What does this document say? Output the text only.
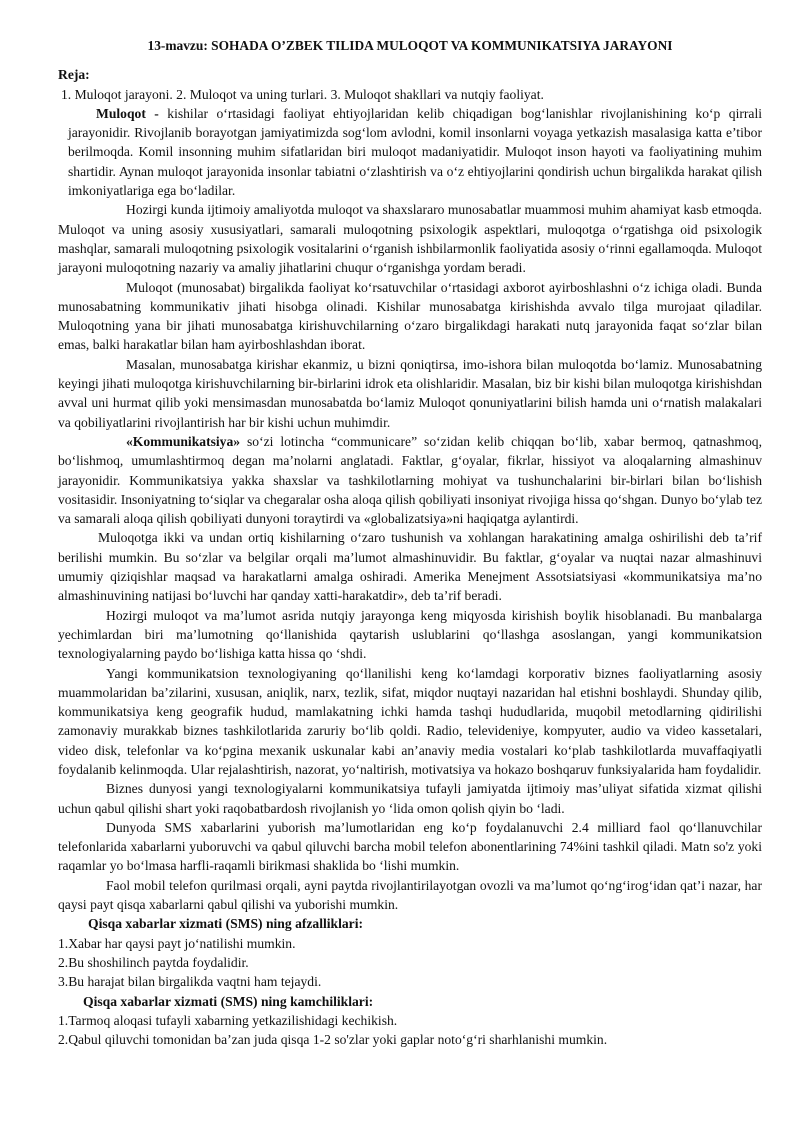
13-mavzu: SOHADA O’ZBEK TILIDA MULOQOT VA KOMMUNIKATSIYA JARAYONI
Reja:
1. Muloqot jarayoni. 2. Muloqot va uning turlari. 3. Muloqot shakllari va nutqiy faoliyat.
Muloqot - kishilar o‘rtasidagi faoliyat ehtiyojlaridan kelib chiqadigan bog‘lanishlar rivojlanishining ko‘p qirrali jarayonidir. Rivojlanib borayotgan jamiyatimizda sog‘lom avlodni, komil insonlarni voyaga yetkazish masalasiga katta e’tibor berilmoqda. Komil insonning muhim sifatlaridan biri muloqot madaniyatidir. Muloqot inson hayoti va faoliyatining muhim shartidir. Aynan muloqot jarayonida insonlar tabiatni o‘zlashtirish va o‘z ehtiyojlarini qondirish uchun birgalikda harakat qilish imkoniyatlariga ega bo‘ladilar.

Hozirgi kunda ijtimoiy amaliyotda muloqot va shaxslararo munosabatlar muammosi muhim ahamiyat kasb etmoqda. Muloqot va uning asosiy xususiyatlari, samarali muloqotning psixologik aspektlari, muloqotga o‘rgatishga oid psixologik mashqlar, samarali muloqotning psixologik vositalarini o‘rganish ishbilarmonlik faoliyatida asosiy o‘rinni egallamoqda. Muloqot jarayoni muloqotning nazariy va amaliy jihatlarini chuqur o‘rganishga yordam beradi.

Muloqot (munosabat) birgalikda faoliyat ko‘rsatuvchilar o‘rtasidagi axborot ayirboshlashni o‘z ichiga oladi. Bunda munosabatning kommunikativ jihati hisobga olinadi. Kishilar munosabatga kirishishda avvalo tilga murojaat qiladilar. Muloqotning yana bir jihati munosabatga kirishuvchilarning o‘zaro birgalikdagi harakati nutq jarayonida faqat so‘zlar bilan emas, balki harakatlar bilan ham ayirboshlashdan iborat.

Masalan, munosabatga kirishar ekanmiz, u bizni qoniqtirsa, imo-ishora bilan muloqotda bo‘lamiz. Munosabatning keyingi jihati muloqotga kirishuvchilarning bir-birlarini idrok eta olishlaridir. Masalan, biz bir kishi bilan muloqotga kirishishdan avval uni hurmat qilib yoki mensimasdan munosabatda bo‘lamiz Muloqot qonuniyatlarini bilish hamda uni o‘rnatish malakalari va qobiliyatlarini rivojlantirish har bir kishi uchun muhimdir.

«Kommunikatsiya» so‘zi lotincha “communicare” so‘zidan kelib chiqqan bo‘lib, xabar bermoq, qatnashmoq, bo‘lishmoq, umumlashtirmoq degan ma’nolarni anglatadi. Faktlar, g‘oyalar, fikrlar, hissiyot va aloqalarning almashinuv jarayonidir. Kommunikatsiya yakka shaxslar va tashkilotlarning mohiyat va tushunchalarini bir-birlari bilan bo‘lishish vositasidir. Insoniyatning to‘siqlar va chegaralar osha aloqa qilish qobiliyati insoniyat rivojiga hissa qo‘shgan. Dunyo bo‘ylab tez va samarali aloqa qilish qobiliyati dunyoni toraytirdi va «globalizatsiya»ni haqiqatga aylantirdi.

Muloqotga ikki va undan ortiq kishilarning o‘zaro tushunish va xohlangan harakatining amalga oshirilishi deb ta’rif berilishi mumkin. Bu so‘zlar va belgilar orqali ma’lumot almashinuvidir. Bu faktlar, g‘oyalar va nuqtai nazar almashinuvi umumiy qiziqishlar maqsad va harakatlarni amalga oshiradi. Amerika Menejment Assotsiatsiyasi «kommunikatsiya ma’no almashinuvining natijasi bo‘luvchi har qanday xatti-harakatdir», deb ta’rif beradi.

Hozirgi muloqot va ma’lumot asrida nutqiy jarayonga keng miqyosda kirishish boylik hisoblanadi. Bu manbalarga yechimlardan biri ma’lumotning qo‘llanishida qaytarish uslublarini qo‘llashga asoslangan, yangi kommunikatsion texnologiyalarning paydo bo‘lishiga katta hissa qo ‘shdi.

Yangi kommunikatsion texnologiyaning qo‘llanilishi keng ko‘lamdagi korporativ biznes faoliyatlarning asosiy muammolaridan ba’zilarini, xususan, aniqlik, narx, tezlik, sifat, miqdor nuqtayi nazaridan hal etishni boshlaydi. Shunday qilib, kommunikatsiya keng geografik hudud, mamlakatning ichki hamda tashqi hududlarida, muqobil metodlarning qidirilishi zamonaviy murakkab biznes tashkilotlarida zaruriy bo‘lib qoldi. Radio, televideniye, kompyuter, audio va video kassetalari, video disk, telefonlar va ko‘pgina mexanik uskunalar kabi an’anaviy media vostalari ko‘plab tashkilotlarda muvaffaqiyatli foydalanib kelinmoqda. Ular rejalashtirish, nazorat, yo‘naltirish, motivatsiya va hokazo boshqaruv funksiyalarida ham foydalidir.

Biznes dunyosi yangi texnologiyalarni kommunikatsiya tufayli jamiyatda ijtimoiy mas’uliyat sifatida xizmat qilishi uchun qabul qilishi shart yoki raqobatbardosh rivojlanish yo ‘lida omon qolish qiyin bo ‘ladi.

Dunyoda SMS xabarlarini yuborish ma’lumotlaridan eng ko‘p foydalanuvchi 2.4 milliard faol qo‘llanuvchilar telefonlarida xabarlarni yuboruvchi va qabul qiluvchi barcha mobil telefon abonentlarining 74%ini tashkil qiladi. Matn so'z yoki raqamlar yo bo‘lmasa harfli-raqamli birikmasi shaklida bo ‘lishi mumkin.

Faol mobil telefon qurilmasi orqali, ayni paytda rivojlantirilayotgan ovozli va ma’lumot qo‘ng‘irog‘idan qat’i nazar, har qaysi payt qisqa xabarlarni qabul qilishi va yuborishi mumkin.

Qisqa xabarlar xizmati (SMS) ning afzalliklari:
1.Xabar har qaysi payt jo‘natilishi mumkin.
2.Bu shoshilinch paytda foydalidir.
3.Bu harajat bilan birgalikda vaqtni ham tejaydi.
Qisqa xabarlar xizmati (SMS) ning kamchiliklari:
1.Tarmoq aloqasi tufayli xabarning yetkazilishidagi kechikish.
2.Qabul qiluvchi tomonidan ba’zan juda qisqa 1-2 so'zlar yoki gaplar noto‘g‘ri sharhlanishi mumkin.
